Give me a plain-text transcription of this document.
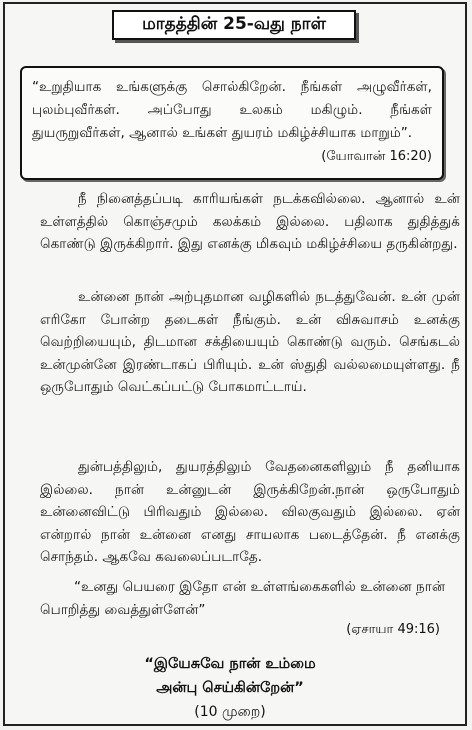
மாதத்தின் 25-வது நாள்
“உறுதியாக உங்களுக்கு சொல்கிறேன். நீங்கள் அழுவீர்கள், புலம்புவீர்கள். அப்போது உலகம் மகிழும். நீங்கள் துயருறுவீர்கள், ஆனால் உங்கள் துயரம் மகிழ்ச்சியாக மாறும்”.
(யோவான் 16:20)
நீ நினைத்தப்படி காரியங்கள் நடக்கவில்லை. ஆனால் உன் உள்ளத்தில் கொஞ்சமும் கலக்கம் இல்லை. பதிலாக துதித்துக் கொண்டு இருக்கிறார். இது எனக்கு மிகவும் மகிழ்ச்சியை தருகின்றது.
உன்னை நான் அற்புதமான வழிகளில் நடத்துவேன். உன் முன் எரிகோ போன்ற தடைகள் நீங்கும். உன் விசுவாசம் உனக்கு வெற்றியையும், திடமான சக்தியையும் கொண்டு வரும். செங்கடல் உன்முன்னே இரண்டாகப் பிரியும். உன் ஸ்துதி வல்லமையுள்ளது. நீ ஒருபோதும் வெட்கப்பட்டு போகமாட்டாய்.
துன்பத்திலும், துயரத்திலும் வேதனைகளிலும் நீ தனியாக இல்லை. நான் உன்னுடன் இருக்கிறேன்.நான் ஒருபோதும் உன்னைவிட்டு பிரிவதும் இல்லை. விலகுவதும் இல்லை. ஏன் என்றால் நான் உன்னை எனது சாயலாக படைத்தேன். நீ எனக்கு சொந்தம். ஆகவே கவலைப்படாதே.
“உனது பெயரை இதோ என் உள்ளங்கைகளில் உன்னை நான் பொறித்து வைத்துள்ளேன்”
(ஏசாயா 49:16)
“இயேசுவே நான் உம்மை
அன்பு செய்கின்றேன்”
(10 முறை)
